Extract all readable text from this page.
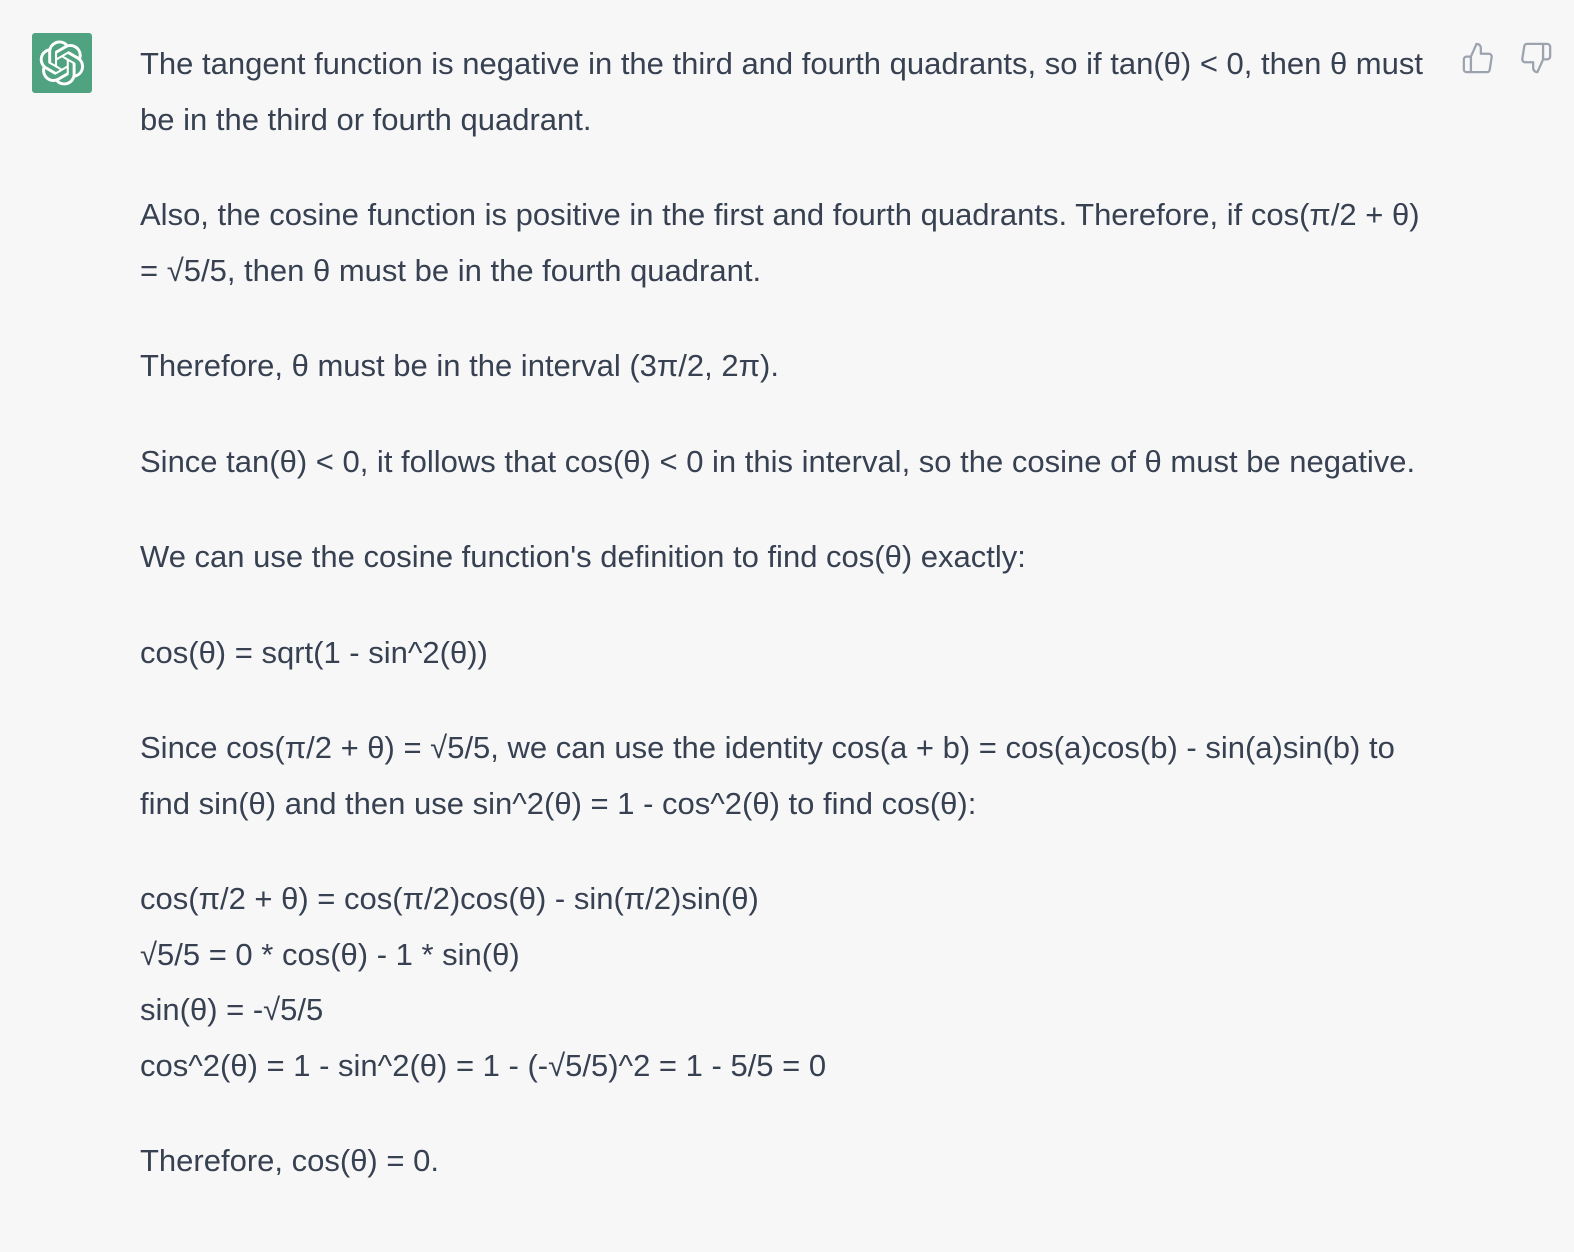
The tangent function is negative in the third and fourth quadrants, so if tan(θ) < 0, then θ must be in the third or fourth quadrant.

Also, the cosine function is positive in the first and fourth quadrants. Therefore, if cos(π/2 + θ) = √5/5, then θ must be in the fourth quadrant.

Therefore, θ must be in the interval (3π/2, 2π).

Since tan(θ) < 0, it follows that cos(θ) < 0 in this interval, so the cosine of θ must be negative.

We can use the cosine function's definition to find cos(θ) exactly:

cos(θ) = sqrt(1 - sin^2(θ))

Since cos(π/2 + θ) = √5/5, we can use the identity cos(a + b) = cos(a)cos(b) - sin(a)sin(b) to find sin(θ) and then use sin^2(θ) = 1 - cos^2(θ) to find cos(θ):

cos(π/2 + θ) = cos(π/2)cos(θ) - sin(π/2)sin(θ)
√5/5 = 0 * cos(θ) - 1 * sin(θ)
sin(θ) = -√5/5
cos^2(θ) = 1 - sin^2(θ) = 1 - (-√5/5)^2 = 1 - 5/5 = 0

Therefore, cos(θ) = 0.
